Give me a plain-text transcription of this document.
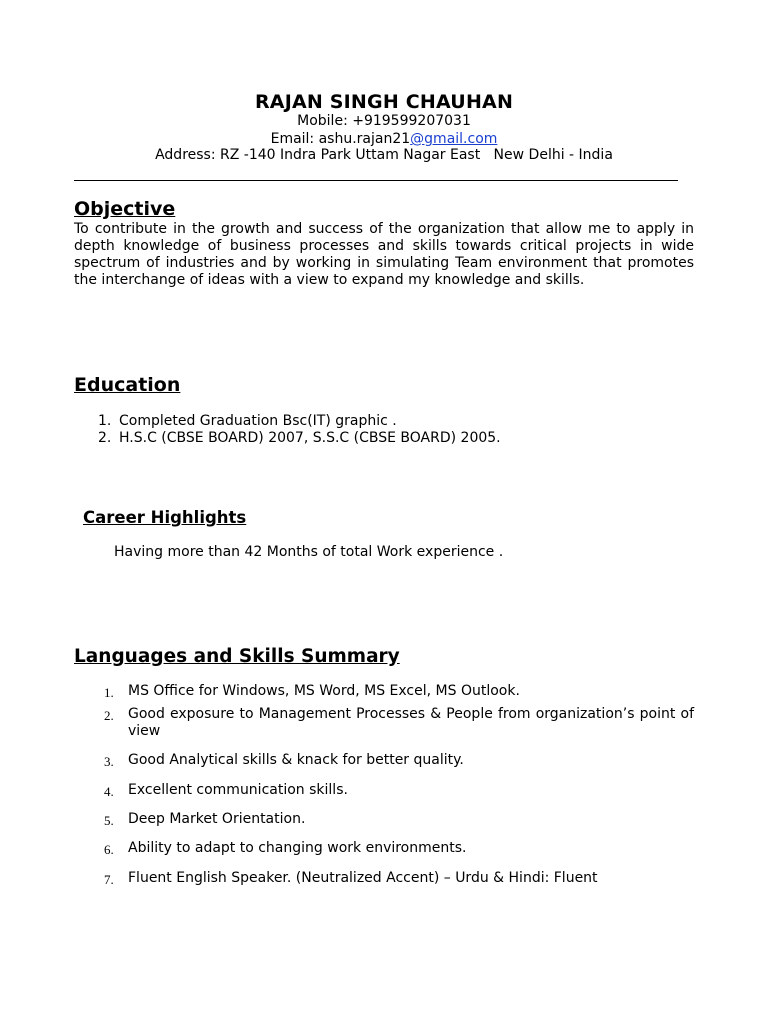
RAJAN SINGH CHAUHAN
Mobile: +919599207031
Email: ashu.rajan21@gmail.com
Address: RZ -140 Indra Park Uttam Nagar East   New Delhi - India
Objective
To contribute in the growth and success of the organization that allow me to apply in depth knowledge of business processes and skills towards critical projects in wide spectrum of industries and by working in simulating Team environment that promotes the interchange of ideas with a view to expand my knowledge and skills.
Education
1. Completed Graduation Bsc(IT) graphic .
2. H.S.C (CBSE BOARD) 2007, S.S.C (CBSE BOARD) 2005.
Career Highlights
Having more than 42 Months of total Work experience .
Languages and Skills Summary
1. MS Office for Windows, MS Word, MS Excel, MS Outlook.
2. Good exposure to Management Processes & People from organization’s point of view
3. Good Analytical skills & knack for better quality.
4. Excellent communication skills.
5. Deep Market Orientation.
6. Ability to adapt to changing work environments.
7. Fluent English Speaker. (Neutralized Accent) – Urdu & Hindi: Fluent
